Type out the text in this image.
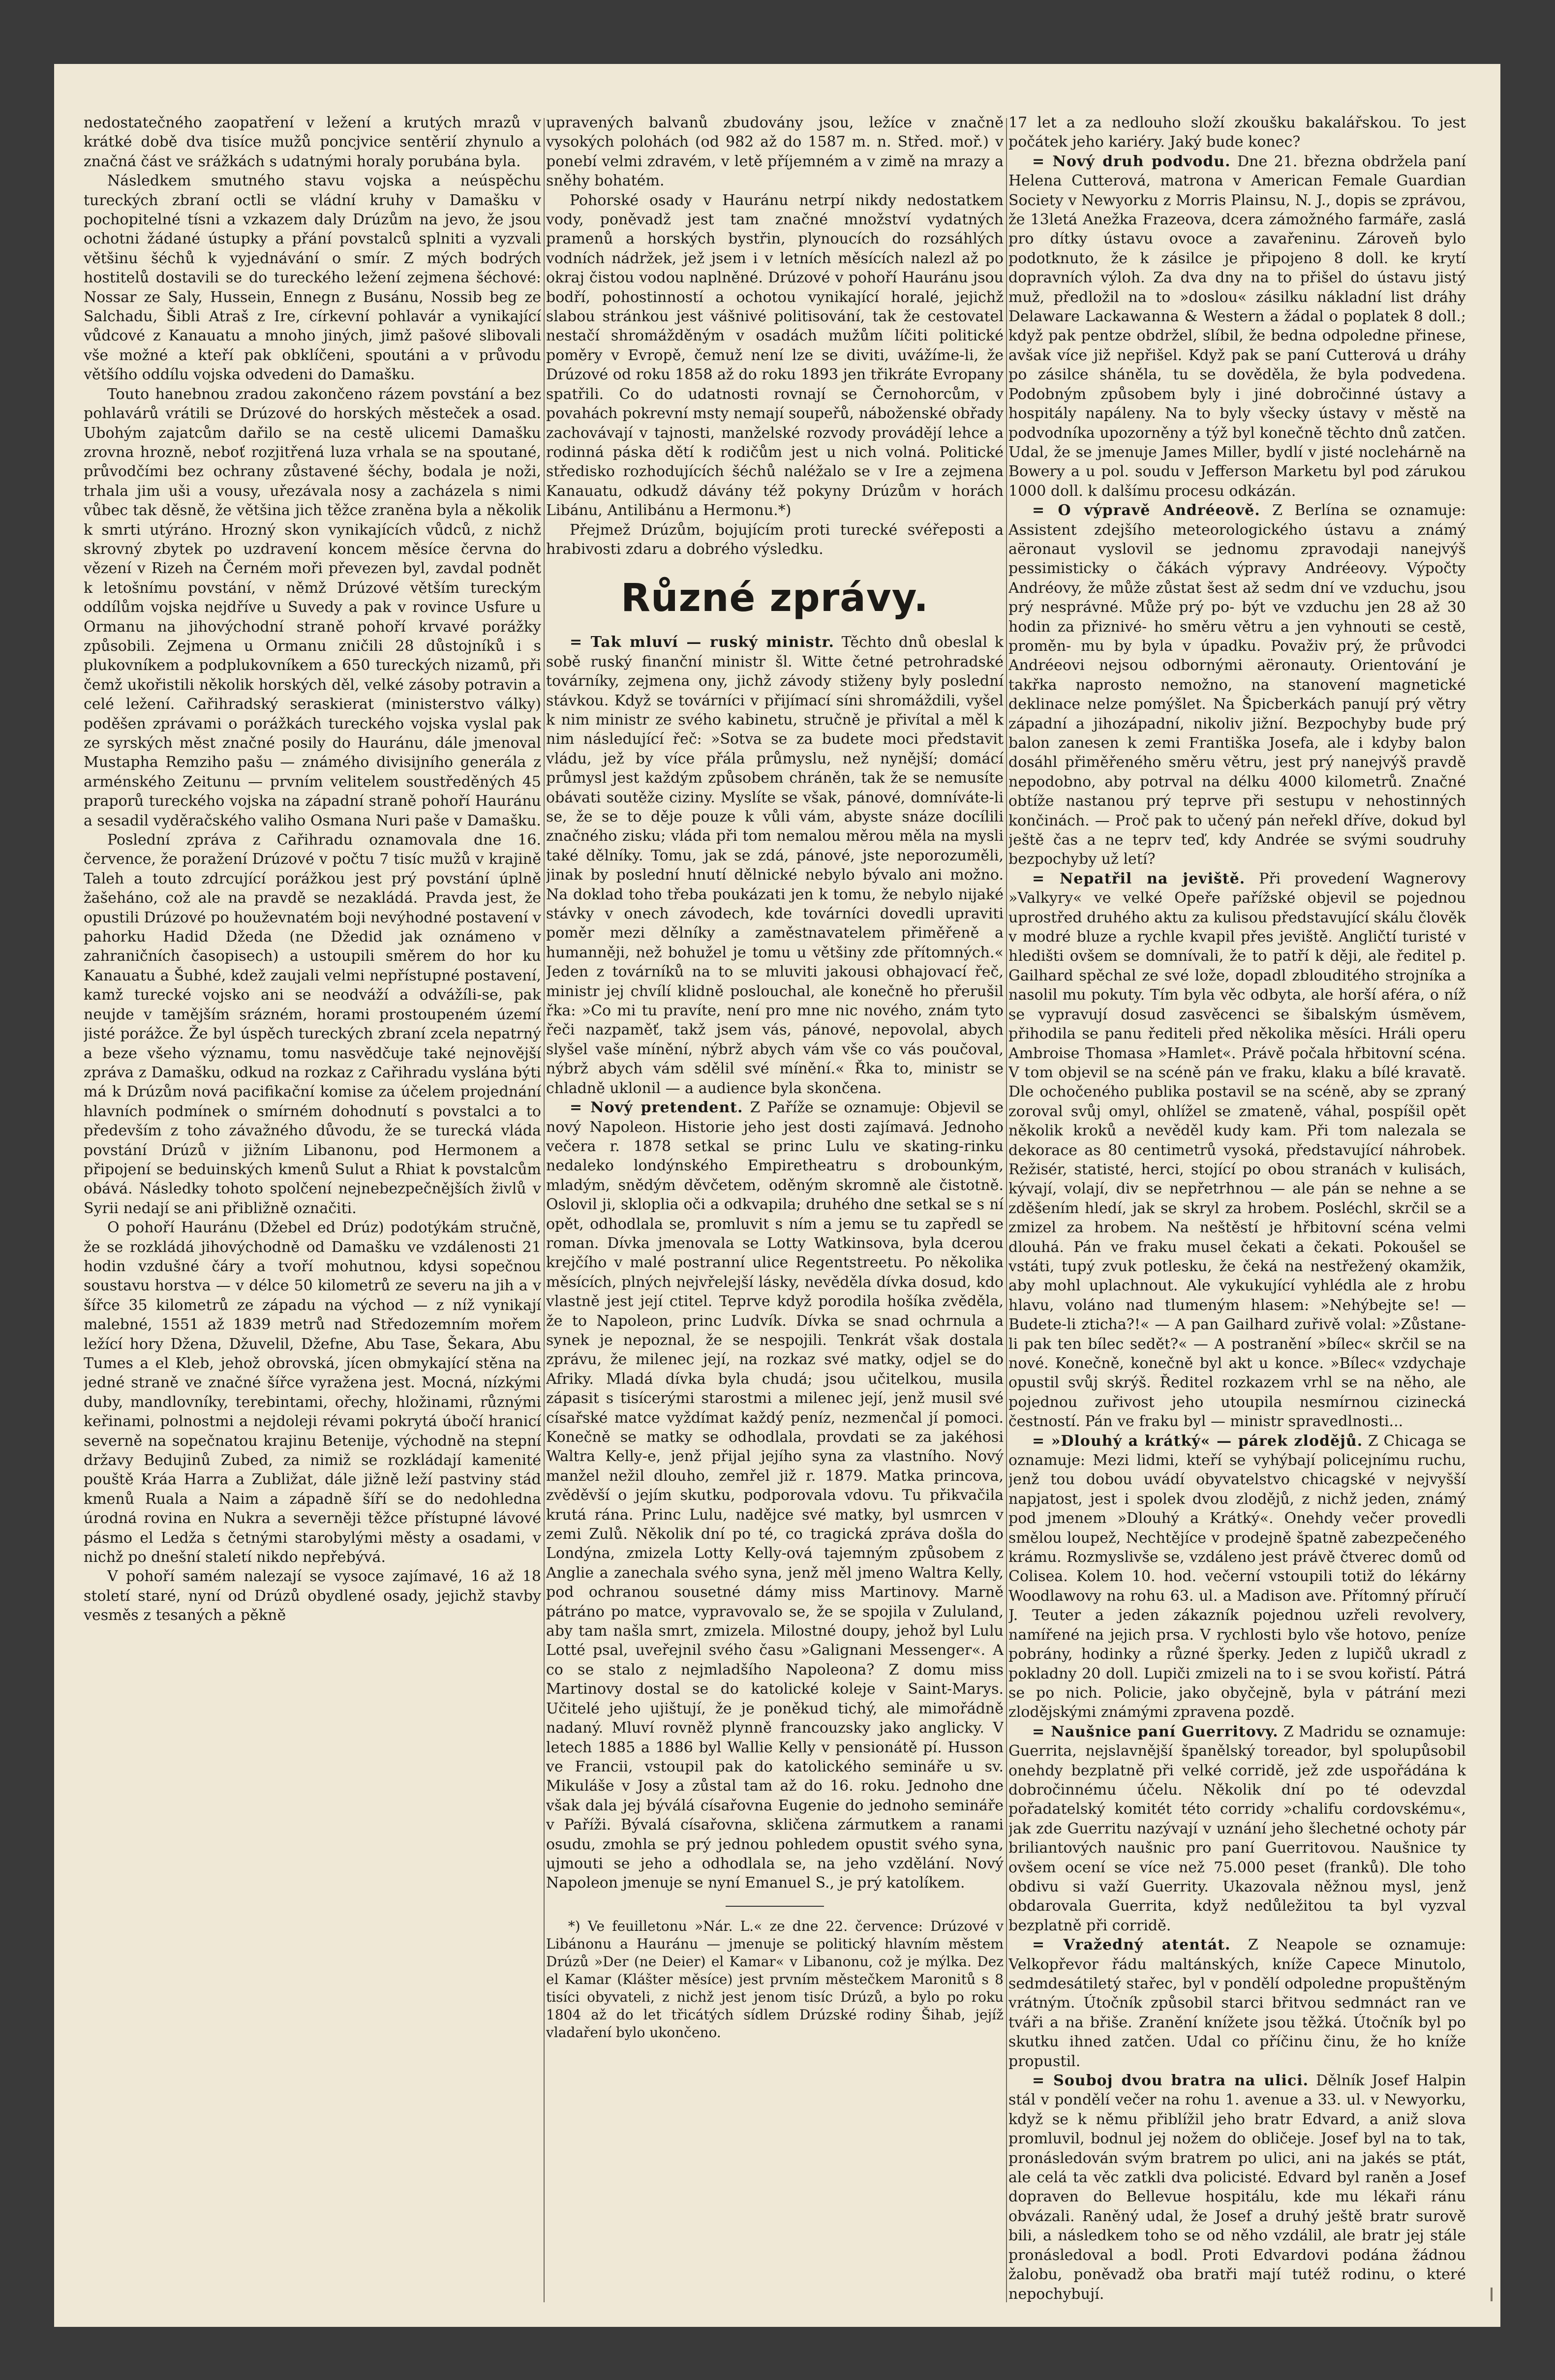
nedostatečného zaopatření v ležení a krutých mrazů v krátké době dva tisíce mužů poncjvice sentěrií zhynulo a značná část ve srážkách s udatnými horaly porubána byla.

Následkem smutného stavu vojska a neúspěchu tureckých zbraní octli se vládní kruhy v Damašku v pochopitelné tísni a vzkazem daly Drúzům na jevo, že jsou ochotni žádané ústupky a přání povstalců splniti a vyzvali většinu šéchů k vyjednávání o smír. Z mých bodrých hostitelů dostavili se do tureckého ležení zejmena šéchové: Nossar ze Saly, Hussein, Ennegn z Busánu, Nossib beg ze Salchadu, Šibli Atraš z Ire, církevní pohlavár a vynikající vůdcové z Kanauatu a mnoho jiných, jimž pašové slibovali vše možné a kteří pak obklíčeni, spoutáni a v průvodu většího oddílu vojska odvedeni do Damašku.

Touto hanebnou zradou zakončeno rázem povstání a bez pohlavárů vrátili se Drúzové do horských městeček a osad. Ubohým zajatcům dařilo se na cestě ulicemi Damašku zrovna hrozně, neboť rozjitřená luza vrhala se na spoutané, průvodčími bez ochrany zůstavené šéchy, bodala je noži, trhala jim uši a vousy, uřezávala nosy a zacházela s nimi vůbec tak děsně, že většina jich těžce zraněna byla a několik k smrti utýráno. Hrozný skon vynikajících vůdců, z nichž skrovný zbytek po uzdravení koncem měsíce června do vězení v Rizeh na Černém moři převezen byl, zavdal podnět k letošnímu povstání, v němž Drúzové větším tureckým oddílům vojska nejdříve u Suvedy a pak v rovince Usfure u Ormanu na jihovýchodní straně pohoří krvavé porážky způsobili. Zejmena u Ormanu zničili 28 důstojníků i s plukovníkem a podplukovníkem a 650 tureckých nizamů, při čemž ukořistili několik horských děl, velké zásoby potravin a celé ležení. Cařihradský seraskierat (ministerstvo války) poděšen zprávami o porážkách tureckého vojska vyslal pak ze syrských měst značné posily do Hauránu, dále jmenoval Mustapha Remziho pašu — známého divisijního generála z arménského Zeitunu — prvním velitelem soustředěných 45 praporů tureckého vojska na západní straně pohoří Hauránu a sesadil vyděračského valiho Osmana Nuri paše v Damašku.

Poslední zpráva z Cařihradu oznamovala dne 16. července, že poražení Drúzové v počtu 7 tisíc mužů v krajině Taleh a touto zdrcující porážkou jest prý povstání úplně žašeháno, což ale na pravdě se nezakládá. Pravda jest, že opustili Drúzové po houževnatém boji nevýhodné postavení v pahorku Hadid Džeda (ne Džedid jak oznámeno v zahraničních časopisech) a ustoupili směrem do hor ku Kanauatu a Šubhé, kdež zaujali velmi nepřístupné postavení, kamž turecké vojsko ani se neodváží a odvážíli-se, pak neujde v tamějším srázném, horami prostoupeném území jisté porážce. Že byl úspěch tureckých zbraní zcela nepatrný a beze všeho významu, tomu nasvědčuje také nejnovější zpráva z Damašku, odkud na rozkaz z Cařihradu vyslána býti má k Drúzům nová pacifikační komise za účelem projednání hlavních podmínek o smírném dohodnutí s povstalci a to především z toho závažného důvodu, že se turecká vláda povstání Drúzů v jižním Libanonu, pod Hermonem a připojení se beduinských kmenů Sulut a Rhiat k povstalcům obává. Následky tohoto spolčení nejnebezpečnějších živlů v Syrii nedají se ani přibližně označiti.

O pohoří Hauránu (Džebel ed Drúz) podotýkám stručně, že se rozkládá jihovýchodně od Damašku ve vzdálenosti 21 hodin vzdušné čáry a tvoří mohutnou, kdysi sopečnou soustavu horstva — v délce 50 kilometrů ze severu na jih a v šířce 35 kilometrů ze západu na východ — z níž vynikají malebné, 1551 až 1839 metrů nad Středozemním mořem ležící hory Džena, Džuvelil, Džefne, Abu Tase, Šekara, Abu Tumes a el Kleb, jehož obrovská, jícen obmykající stěna na jedné straně ve značné šířce vyražena jest. Mocná, nízkými duby, mandlovníky, terebintami, ořechy, hložinami, různými keřinami, polnostmi a nejdoleji révami pokrytá úbočí hranicí severně na sopečnatou krajinu Betenije, východně na stepní državy Bedujinů Zubed, za nimiž se rozkládají kamenité pouště Kráa Harra a Zubližat, dále jižně leží pastviny stád kmenů Ruala a Naim a západně šíří se do nedohledna úrodná rovina en Nukra a severněji těžce přístupné lávové pásmo el Ledža s četnými starobylými městy a osadami, v nichž po dnešní staletí nikdo nepřebývá.

V pohoří samém nalezají se vysoce zajímavé, 16 až 18 století staré, nyní od Drúzů obydlené osady, jejichž stavby vesměs z tesaných a pěkně

upravených balvanů zbudovány jsou, ležíce v značně vysokých polohách (od 982 až do 1587 m. n. Střed. moř.) v ponebí velmi zdravém, v letě příjemném a v zimě na mrazy a sněhy bohatém.

Pohorské osady v Hauránu netrpí nikdy nedostatkem vody, poněvadž jest tam značné množství vydatných pramenů a horských bystřin, plynoucích do rozsáhlých vodních nádržek, jež jsem i v letních měsících nalezl až po okraj čistou vodou naplněné. Drúzové v pohoří Hauránu jsou bodří, pohostinností a ochotou vynikající horalé, jejichž slabou stránkou jest vášnivé politisování, tak že cestovatel nestačí shromážděným v osadách mužům líčiti politické poměry v Evropě, čemuž není lze se diviti, uvážíme-li, že Drúzové od roku 1858 až do roku 1893 jen třikráte Evropany spatřili. Co do udatnosti rovnají se Černohorcům, v povahách pokrevní msty nemají soupeřů, náboženské obřady zachovávají v tajnosti, manželské rozvody provádějí lehce a rodinná páska dětí k rodičům jest u nich volná. Politické středisko rozhodujících šéchů naléžalo se v Ire a zejmena Kanauatu, odkudž dávány též pokyny Drúzům v horách Libánu, Antilibánu a Hermonu.*)

Přejmež Drúzům, bojujícím proti turecké svéřeposti a hrabivosti zdaru a dobrého výsledku.

Různé zprávy.

= Tak mluví — ruský ministr. Těchto dnů obeslal k sobě ruský finanční ministr šl. Witte četné petrohradské továrníky, zejmena ony, jichž závody stiženy byly poslední stávkou. Když se továrníci v přijímací síni shromáždili, vyšel k nim ministr ze svého kabinetu, stručně je přivítal a měl k nim následující řeč: »Sotva se za budete moci představit vládu, jež by více přála průmyslu, než nynější; domácí průmysl jest každým způsobem chráněn, tak že se nemusíte obávati soutěže ciziny. Myslíte se však, pánové, domníváte-li se, že se to děje pouze k vůli vám, abyste snáze docílili značného zisku; vláda při tom nemalou měrou měla na mysli také dělníky. Tomu, jak se zdá, pánové, jste neporozuměli, jinak by poslední hnutí dělnické nebylo bývalo ani možno. Na doklad toho třeba poukázati jen k tomu, že nebylo nijaké stávky v onech závodech, kde továrníci dovedli upraviti poměr mezi dělníky a zaměstnavatelem přiměřeně a humanněji, než bohužel je tomu u většiny zde přítomných.« Jeden z továrníků na to se mluviti jakousi obhajovací řeč, ministr jej chvílí klidně poslouchal, ale konečně ho přerušil řka: »Co mi tu pravíte, není pro mne nic nového, znám tyto řeči nazpaměť, takž jsem vás, pánové, nepovolal, abych slyšel vaše mínění, nýbrž abych vám vše co vás poučoval, nýbrž abych vám sdělil své mínění.« Řka to, ministr se chladně uklonil — a audience byla skončena.

= Nový pretendent. Z Paříže se oznamuje: Objevil se nový Napoleon. Historie jeho jest dosti zajímavá. Jednoho večera r. 1878 setkal se princ Lulu ve skating-rinku nedaleko londýnského Empiretheatru s drobounkým, mladým, snědým děvčetem, oděným skromně ale čistotně. Oslovil ji, skloplia oči a odkvapila; druhého dne setkal se s ní opět, odhodlala se, promluvit s ním a jemu se tu zapředl se roman. Dívka jmenovala se Lotty Watkinsova, byla dcerou krejčího v malé postranní ulice Regentstreetu. Po několika měsících, plných nejvřelejší lásky, nevěděla dívka dosud, kdo vlastně jest její ctitel. Teprve když porodila hošíka zvěděla, že to Napoleon, princ Ludvík. Dívka se snad ochrnula a synek je nepoznal, že se nespojili. Tenkrát však dostala zprávu, že milenec její, na rozkaz své matky, odjel se do Afriky. Mladá dívka byla chudá; jsou učitelkou, musila zápasit s tisícerými starostmi a milenec její, jenž musil své císařské matce vyždímat každý peníz, nezmenčal jí pomoci. Konečně se matky se odhodlala, provdati se za jakéhosi Waltra Kelly-e, jenž přijal jejího syna za vlastního. Nový manžel nežil dlouho, zemřel již r. 1879. Matka princova, zvěděvší o jejím skutku, podporovala vdovu. Tu přikvačila krutá rána. Princ Lulu, nadějce své matky, byl usmrcen v zemi Zulů. Několik dní po té, co tragická zpráva došla do Londýna, zmizela Lotty Kelly-ová tajemným způsobem z Anglie a zanechala svého syna, jenž měl jmeno Waltra Kelly, pod ochranou sousetné dámy miss Martinovy. Marně pátráno po matce, vypravovalo se, že se spojila v Zululand, aby tam našla smrt, zmizela. Milostné doupy, jehož byl Lulu Lotté psal, uveřejnil svého času »Galignani Messenger«. A co se stalo z nejmladšího Napoleona? Z domu miss Martinovy dostal se do katolické koleje v Saint-Marys. Učitelé jeho ujištují, že je poněkud tichý, ale mimořádně nadaný. Mluví rovněž plynně francouzsky jako anglicky. V letech 1885 a 1886 byl Wallie Kelly v pensionátě pí. Husson ve Francii, vstoupil pak do katolického semináře u sv. Mikuláše v Josy a zůstal tam až do 16. roku. Jednoho dne však dala jej býválá císařovna Eugenie do jednoho semináře v Paříži. Bývalá císařovna, skličena zármutkem a ranami osudu, zmohla se prý jednou pohledem opustit svého syna, ujmouti se jeho a odhodlala se, na jeho vzdělání. Nový Napoleon jmenuje se nyní Emanuel S., je prý katolíkem.

*) Ve feuilletonu »Nár. L.« ze dne 22. července: Drúzové v Libánonu a Hauránu — jmenuje se politický hlavním městem Drúzů »Der (ne Deier) el Kamar« v Libanonu, což je mýlka. Dez el Kamar (Klášter měsíce) jest prvním městečkem Maronitů s 8 tisíci obyvateli, z nichž jest jenom tisíc Drúzů, a bylo po roku 1804 až do let třicátých sídlem Drúzské rodiny Šihab, jejíž vladaření bylo ukončeno.

17 let a za nedlouho složí zkoušku bakalářskou. To jest počátek jeho kariéry. Jaký bude konec?

= Nový druh podvodu. Dne 21. března obdržela paní Helena Cutterová, matrona v American Female Guardian Society v Newyorku z Morris Plainsu, N. J., dopis se zprávou, že 13letá Anežka Frazeova, dcera zámožného farmáře, zaslá pro dítky ústavu ovoce a zavařeninu. Zároveň bylo podotknuto, že k zásilce je připojeno 8 doll. ke krytí dopravních výloh. Za dva dny na to přišel do ústavu jistý muž, předložil na to »doslou« zásilku nákladní list dráhy Delaware Lackawanna & Western a žádal o poplatek 8 doll.; když pak pentze obdržel, slíbil, že bedna odpoledne přinese, avšak více již nepřišel. Když pak se paní Cutterová u dráhy po zásilce sháněla, tu se dověděla, že byla podvedena. Podobným způsobem byly i jiné dobročinné ústavy a hospitály napáleny. Na to byly všecky ústavy v městě na podvodníka upozorněny a týž byl konečně těchto dnů zatčen. Udal, že se jmenuje James Miller, bydlí v jisté noclehárně na Bowery a u pol. soudu v Jefferson Marketu byl pod zárukou 1000 doll. k dalšímu procesu odkázán.

= O výpravě Andréeově. Z Berlína se oznamuje: Assistent zdejšího meteorologického ústavu a známý aëronaut vyslovil se jednomu zpravodaji nanejvýš pessimisticky o čákách výpravy Andréeovy. Výpočty Andréovy, že může zůstat šest až sedm dní ve vzduchu, jsou prý nesprávné. Může prý po- být ve vzduchu jen 28 až 30 hodin za přiznivé- ho směru větru a jen vyhnouti se cestě, proměn- mu by byla v úpadku. Považiv prý, že průvodci Andréeovi nejsou odbornými aëronauty. Orientování je takřka naprosto nemožno, na stanovení magnetické deklinace nelze pomýšlet. Na Špicberkách panují prý větry západní a jihozápadní, nikoliv jižní. Bezpochyby bude prý balon zanesen k zemi Františka Josefa, ale i kdyby balon dosáhl přiměřeného směru větru, jest prý nanejvýš pravdě nepodobno, aby potrval na délku 4000 kilometrů. Značné obtíže nastanou prý teprve při sestupu v nehostinných končinách. — Proč pak to učený pán neřekl dříve, dokud byl ještě čas a ne teprv teď, kdy Andrée se svými soudruhy bezpochyby už letí?

= Nepatřil na jeviště. Při provedení Wagnerovy »Valkyry« ve velké Opeře pařížské objevil se pojednou uprostřed druhého aktu za kulisou představující skálu člověk v modré bluze a rychle kvapil přes jeviště. Angličtí turisté v hledišti ovšem se domnívali, že to patří k ději, ale ředitel p. Gailhard spěchal ze své lože, dopadl zblouditého strojníka a nasolil mu pokuty. Tím byla věc odbyta, ale horší aféra, o níž se vypravují dosud zasvěcenci se šibalským úsměvem, přihodila se panu řediteli před několika měsíci. Hráli operu Ambroise Thomasa »Hamlet«. Právě počala hřbitovní scéna. V tom objevil se na scéně pán ve fraku, klaku a bílé kravatě. Dle ochočeného publika postavil se na scéně, aby se zpraný zoroval svůj omyl, ohlížel se zmateně, váhal, pospíšil opět několik kroků a nevěděl kudy kam. Při tom nalezala se dekorace as 80 centimetrů vysoká, představující náhrobek. Režisér, statisté, herci, stojící po obou stranách v kulisách, kývají, volají, div se nepřetrhnou — ale pán se nehne a se zděšením hledí, jak se skryl za hrobem. Posléchl, skrčil se a zmizel za hrobem. Na neštěstí je hřbitovní scéna velmi dlouhá. Pán ve fraku musel čekati a čekati. Pokoušel se vstáti, tupý zvuk potlesku, že čeká na nestřežený okamžik, aby mohl uplachnout. Ale vykukující vyhlédla ale z hrobu hlavu, voláno nad tlumeným hlasem: »Nehýbejte se! — Budete-li zticha?!« — A pan Gailhard zuřivě volal: »Zůstane-li pak ten bílec sedět?« — A postranění »bílec« skrčil se na nové. Konečně, konečně byl akt u konce. »Bílec« vzdychaje opustil svůj skrýš. Ředitel rozkazem vrhl se na něho, ale pojednou zuřivost jeho utoupila nesmírnou cizinecká čestností. Pán ve fraku byl — ministr spravedlnosti...

= »Dlouhý a krátký« — párek zlodějů. Z Chicaga se oznamuje: Mezi lidmi, kteří se vyhýbají policejnímu ruchu, jenž tou dobou uvádí obyvatelstvo chicagské v nejvyšší napjatost, jest i spolek dvou zlodějů, z nichž jeden, známý pod jmenem »Dlouhý a Krátký«. Onehdy večer provedli smělou loupež, Nechtějíce v prodejně špatně zabezpečeného krámu. Rozmyslivše se, vzdáleno jest právě čtverec domů od Colisea. Kolem 10. hod. večerní vstoupili totiž do lékárny Woodlawovy na rohu 63. ul. a Madison ave. Přítomný příručí J. Teuter a jeden zákazník pojednou uzřeli revolvery, namířené na jejich prsa. V rychlosti bylo vše hotovo, peníze pobrány, hodinky a různé šperky. Jeden z lupičů ukradl z pokladny 20 doll. Lupiči zmizeli na to i se svou kořistí. Pátrá se po nich. Policie, jako obyčejně, byla v pátrání mezi zlodějskými známými zpravena pozdě.

= Naušnice paní Guerritovy. Z Madridu se oznamuje: Guerrita, nejslavnější španělský toreador, byl spolupůsobil onehdy bezplatně při velké corridě, jež zde uspořádána k dobročinnému účelu. Několik dní po té odevzdal pořadatelský komitét této corridy »chalifu cordovskému«, jak zde Guerritu nazývají v uznání jeho šlechetné ochoty pár briliantových naušnic pro paní Guerritovou. Naušnice ty ovšem ocení se více než 75.000 peset (franků). Dle toho obdivu si važí Guerrity. Ukazovala něžnou mysl, jenž obdarovala Guerrita, když nedůležitou ta byl vyzval bezplatně při corridě.

= Vražedný atentát. Z Neapole se oznamuje: Velkopřevor řádu maltánských, kníže Capece Minutolo, sedmdesátiletý stařec, byl v pondělí odpoledne propuštěným vrátným. Útočník způsobil starci břitvou sedmnáct ran ve tváři a na břiše. Zranění knížete jsou těžká. Útočník byl po skutku ihned zatčen. Udal co příčinu činu, že ho kníže propustil.

= Souboj dvou bratra na ulici. Dělník Josef Halpin stál v pondělí večer na rohu 1. avenue a 33. ul. v Newyorku, když se k němu přiblížil jeho bratr Edvard, a aniž slova promluvil, bodnul jej nožem do obličeje. Josef byl na to tak, pronásledován svým bratrem po ulici, ani na jakés se ptát, ale celá ta věc zatkli dva policisté. Edvard byl raněn a Josef dopraven do Bellevue hospitálu, kde mu lékaři ránu obvázali. Raněný udal, že Josef a druhý ještě bratr surově bili, a následkem toho se od něho vzdálil, ale bratr jej stále pronásledoval a bodl. Proti Edvardovi podána žádnou žalobu, poněvadž oba bratři mají tutéž rodinu, o které nepochybují.
